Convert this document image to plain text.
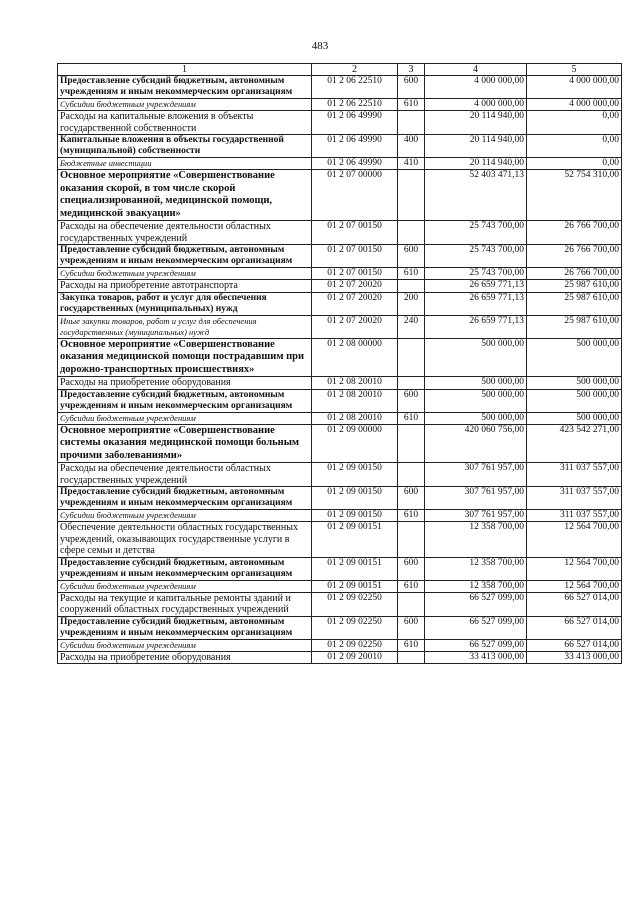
483
1	2	3	4	5
Предоставление субсидий бюджетным, автономным учреждениям и иным некоммерческим организациям	01 2 06 22510	600	4 000 000,00	4 000 000,00
Субсидии бюджетным учреждениям	01 2 06 22510	610	4 000 000,00	4 000 000,00
Расходы на капитальные вложения в объекты государственной собственности	01 2 06 49990		20 114 940,00	0,00
Капитальные вложения в объекты государственной (муниципальной) собственности	01 2 06 49990	400	20 114 940,00	0,00
Бюджетные инвестиции	01 2 06 49990	410	20 114 940,00	0,00
Основное мероприятие «Совершенствование оказания скорой, в том числе скорой специализированной, медицинской помощи, медицинской эвакуации»	01 2 07 00000		52 403 471,13	52 754 310,00
Расходы на обеспечение деятельности областных государственных учреждений	01 2 07 00150		25 743 700,00	26 766 700,00
Предоставление субсидий бюджетным, автономным учреждениям и иным некоммерческим организациям	01 2 07 00150	600	25 743 700,00	26 766 700,00
Субсидии бюджетным учреждениям	01 2 07 00150	610	25 743 700,00	26 766 700,00
Расходы на приобретение автотранспорта	01 2 07 20020		26 659 771,13	25 987 610,00
Закупка товаров, работ и услуг для обеспечения государственных (муниципальных) нужд	01 2 07 20020	200	26 659 771,13	25 987 610,00
Иные закупки товаров, работ и услуг для обеспечения государственных (муниципальных) нужд	01 2 07 20020	240	26 659 771,13	25 987 610,00
Основное мероприятие «Совершенствование оказания медицинской помощи пострадавшим при дорожно-транспортных происшествиях»	01 2 08 00000		500 000,00	500 000,00
Расходы на приобретение оборудования	01 2 08 20010		500 000,00	500 000,00
Предоставление субсидий бюджетным, автономным учреждениям и иным некоммерческим организациям	01 2 08 20010	600	500 000,00	500 000,00
Субсидии бюджетным учреждениям	01 2 08 20010	610	500 000,00	500 000,00
Основное мероприятие «Совершенствование системы оказания медицинской помощи больным прочими заболеваниями»	01 2 09 00000		420 060 756,00	423 542 271,00
Расходы на обеспечение деятельности областных государственных учреждений	01 2 09 00150		307 761 957,00	311 037 557,00
Предоставление субсидий бюджетным, автономным учреждениям и иным некоммерческим организациям	01 2 09 00150	600	307 761 957,00	311 037 557,00
Субсидии бюджетным учреждениям	01 2 09 00150	610	307 761 957,00	311 037 557,00
Обеспечение деятельности областных государственных учреждений, оказывающих государственные услуги в сфере семьи и детства	01 2 09 00151		12 358 700,00	12 564 700,00
Предоставление субсидий бюджетным, автономным учреждениям и иным некоммерческим организациям	01 2 09 00151	600	12 358 700,00	12 564 700,00
Субсидии бюджетным учреждениям	01 2 09 00151	610	12 358 700,00	12 564 700,00
Расходы на текущие и капитальные ремонты зданий и сооружений областных государственных учреждений	01 2 09 02250		66 527 099,00	66 527 014,00
Предоставление субсидий бюджетным, автономным учреждениям и иным некоммерческим организациям	01 2 09 02250	600	66 527 099,00	66 527 014,00
Субсидии бюджетным учреждениям	01 2 09 02250	610	66 527 099,00	66 527 014,00
Расходы на приобретение оборудования	01 2 09 20010		33 413 000,00	33 413 000,00
